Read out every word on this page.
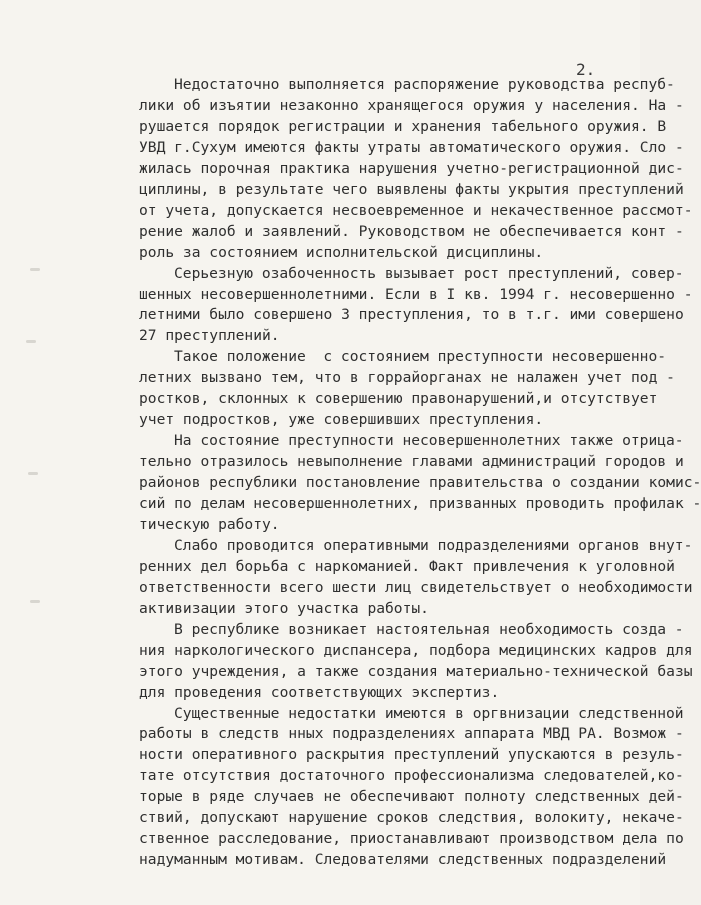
2.
Недостаточно выполняется распоряжение руководства респуб-
лики об изъятии незаконно хранящегося оружия у населения. На -
рушается порядок регистрации и хранения табельного оружия. В
УВД г.Сухум имеются факты утраты автоматического оружия. Сло -
жилась порочная практика нарушения учетно-регистрационной дис-
циплины, в результате чего выявлены факты укрытия преступлений
от учета, допускается несвоевременное и некачественное рассмот-
рение жалоб и заявлений. Руководством не обеспечивается конт -
роль за состоянием исполнительской дисциплины.
Серьезную озабоченность вызывает рост преступлений, совер-
шенных несовершеннолетними. Если в I кв. 1994 г. несовершенно -
летними было совершено 3 преступления, то в т.г. ими совершено
27 преступлений.
Такое положение  с состоянием преступности несовершенно-
летних вызвано тем, что в горрайорганах не налажен учет под -
ростков, склонных к совершению правонарушений,и отсутствует
учет подростков, уже совершивших преступления.
На состояние преступности несовершеннолетних также отрица-
тельно отразилось невыполнение главами администраций городов и
районов республики постановление правительства о создании комис-
сий по делам несовершеннолетних, призванных проводить профилак -
тическую работу.
Слабо проводится оперативными подразделениями органов внут-
ренних дел борьба с наркоманией. Факт привлечения к уголовной
ответственности всего шести лиц свидетельствует о необходимости
активизации этого участка работы.
В республике возникает настоятельная необходимость созда -
ния наркологического диспансера, подбора медицинских кадров для
этого учреждения, а также создания материально-технической базы
для проведения соответствующих экспертиз.
Существенные недостатки имеются в оргвнизации следственной
работы в следств нных подразделениях аппарата МВД РА. Возмож -
ности оперативного раскрытия преступлений упускаются в резуль-
тате отсутствия достаточного профессионализма следователей,ко-
торые в ряде случаев не обеспечивают полноту следственных дей-
ствий, допускают нарушение сроков следствия, волокиту, некаче-
ственное расследование, приостанавливают производством дела по
надуманным мотивам. Следователями следственных подразделений
